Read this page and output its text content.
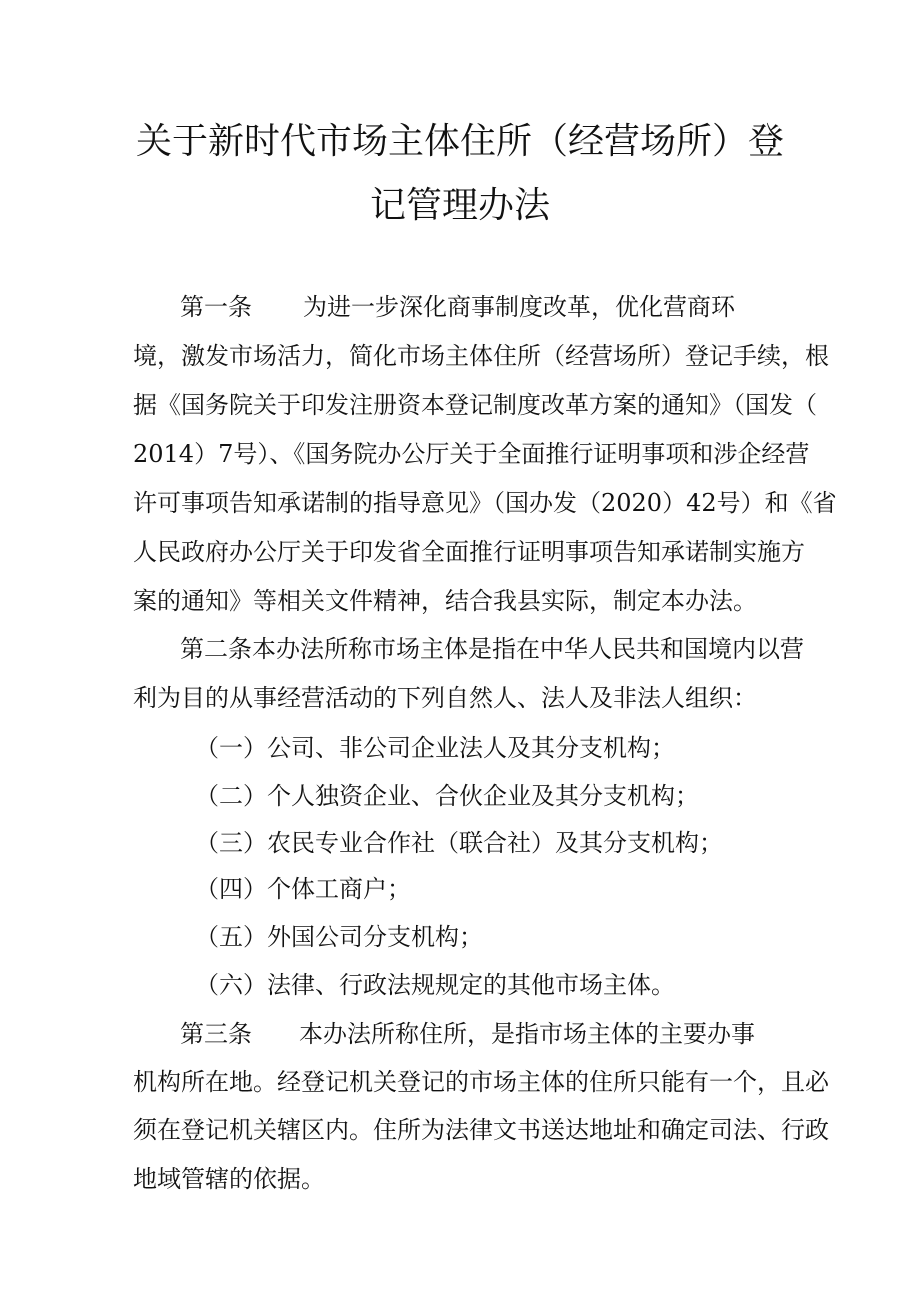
关于新时代市场主体住所（经营场所）登
记管理办法
第一条 为进一步深化商事制度改革，优化营商环
境，激发市场活力，简化市场主体住所（经营场所）登记手续，根
据《国务院关于印发注册资本登记制度改革方案的通知》（国发（
2014）7号）、《国务院办公厅关于全面推行证明事项和涉企经营
许可事项告知承诺制的指导意见》（国办发（2020）42号）和《省
人民政府办公厅关于印发省全面推行证明事项告知承诺制实施方
案的通知》等相关文件精神，结合我县实际，制定本办法。
第二条本办法所称市场主体是指在中华人民共和国境内以营
利为目的从事经营活动的下列自然人、法人及非法人组织：
（一）公司、非公司企业法人及其分支机构；
（二）个人独资企业、合伙企业及其分支机构；
（三）农民专业合作社（联合社）及其分支机构；
（四）个体工商户；
（五）外国公司分支机构；
（六）法律、行政法规规定的其他市场主体。
第三条 本办法所称住所，是指市场主体的主要办事
机构所在地。经登记机关登记的市场主体的住所只能有一个，且必
须在登记机关辖区内。住所为法律文书送达地址和确定司法、行政
地域管辖的依据。
